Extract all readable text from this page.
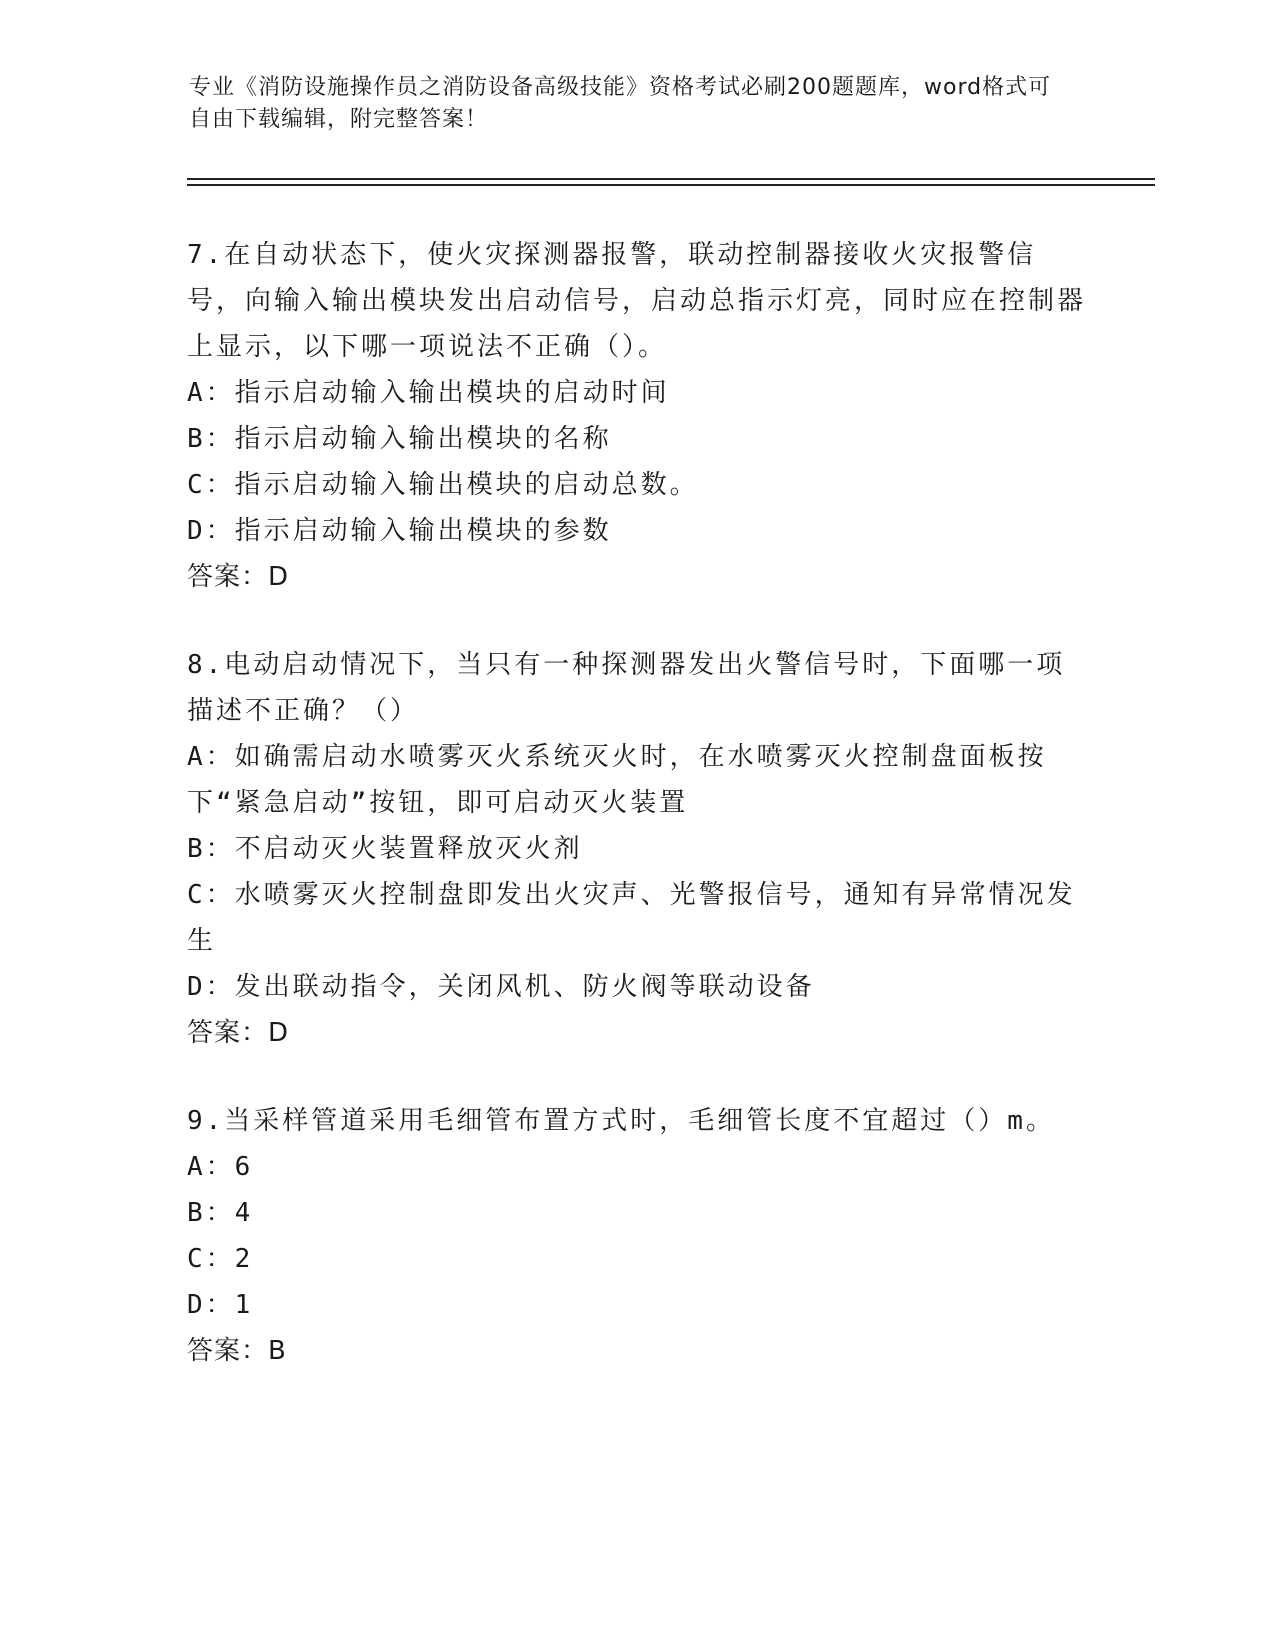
专业《消防设施操作员之消防设备高级技能》资格考试必刷200题题库，word格式可自由下载编辑，附完整答案！
7.在自动状态下，使火灾探测器报警，联动控制器接收火灾报警信号，向输入输出模块发出启动信号，启动总指示灯亮，同时应在控制器上显示，以下哪一项说法不正确（）。
A：指示启动输入输出模块的启动时间
B：指示启动输入输出模块的名称
C：指示启动输入输出模块的启动总数。
D：指示启动输入输出模块的参数
答案：D
8.电动启动情况下，当只有一种探测器发出火警信号时，下面哪一项描述不正确？（）
A：如确需启动水喷雾灭火系统灭火时，在水喷雾灭火控制盘面板按下“紧急启动”按钮，即可启动灭火装置
B：不启动灭火装置释放灭火剂
C：水喷雾灭火控制盘即发出火灾声、光警报信号，通知有异常情况发生
D：发出联动指令，关闭风机、防火阀等联动设备
答案：D
9.当采样管道采用毛细管布置方式时，毛细管长度不宜超过（）m。
A：6
B：4
C：2
D：1
答案：B
